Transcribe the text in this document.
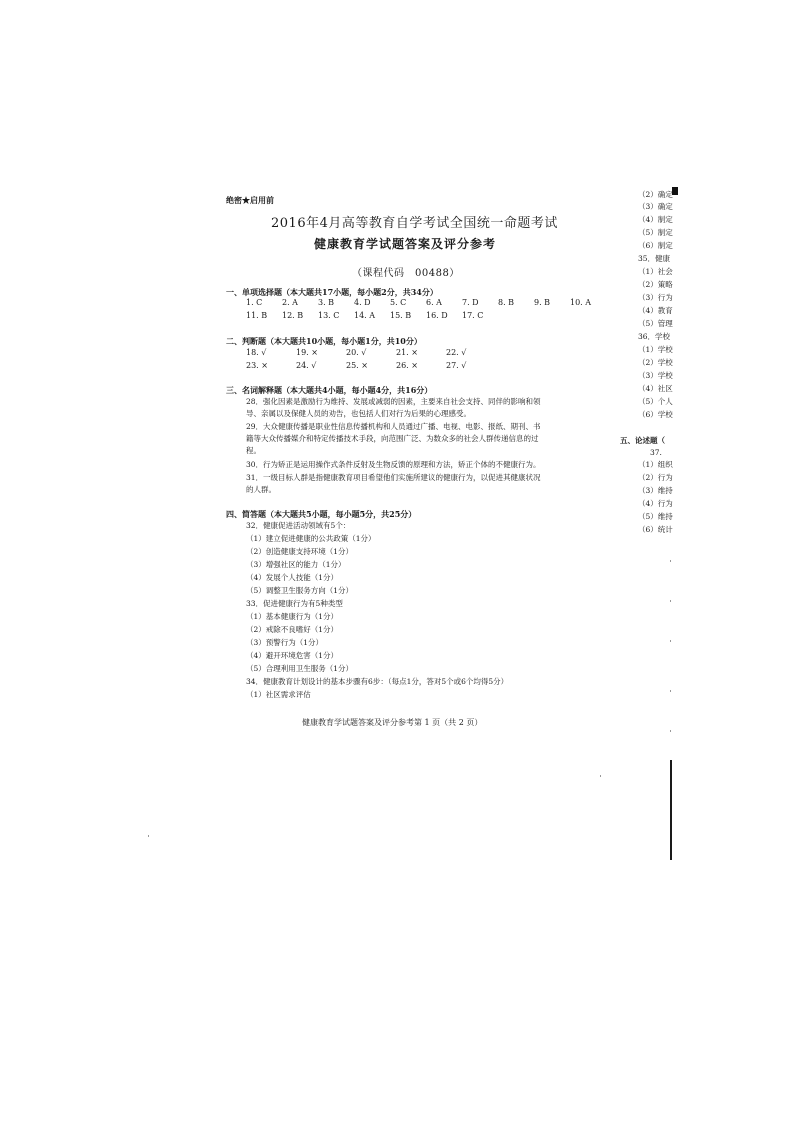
绝密★启用前
2016年4月高等教育自学考试全国统一命题考试
健康教育学试题答案及评分参考
（课程代码　00488）
一、单项选择题（本大题共17小题，每小题2分，共34分）
1. C 2. A	3. B 4. D 5. C 6. A	7. D 8. B 9. B 10. A
11. B 12. B 13. C 14. A 15. B 16. D 17. C
二、判断题（本大题共10小题，每小题1分，共10分）
18. √	19. ×	20. √	21. ×	22. √
23. ×	24. √	25. ×	26. ×	27. √
三、名词解释题（本大题共4小题，每小题4分，共16分）
28．强化因素是激励行为维持、发展或减弱的因素，主要来自社会支持、同伴的影响和领
导、亲属以及保健人员的劝告，也包括人们对行为后果的心理感受。
29．大众健康传播是职业性信息传播机构和人员通过广播、电视、电影、报纸、期刊、书
籍等大众传播媒介和特定传播技术手段，向范围广泛、为数众多的社会人群传递信息的过
程。
30．行为矫正是运用操作式条件反射及生物反馈的原理和方法，矫正个体的不健康行为。
31．一级目标人群是指健康教育项目希望他们实施所建议的健康行为，以促进其健康状况
的人群。
四、简答题（本大题共5小题，每小题5分，共25分）
32．健康促进活动领域有5个：
（1）建立促进健康的公共政策（1分）
（2）创造健康支持环境（1分）
（3）增强社区的能力（1分）
（4）发展个人技能（1分）
（5）调整卫生服务方向（1分）
33．促进健康行为有5种类型
（1）基本健康行为（1分）
（2）戒除不良嗜好（1分）
（3）预警行为（1分）
（4）避开环境危害（1分）
（5）合理利用卫生服务（1分）
34．健康教育计划设计的基本步骤有6步：（每点1分，答对5个或6个均得5分）
（1）社区需求评估
健康教育学试题答案及评分参考第 1 页（共 2 页）
（2）确定
（3）确定
（4）制定
（5）制定
（6）制定
35．健康
（1）社会
（2）策略
（3）行为
（4）教育
（5）管理
36．学校
（1）学校
（2）学校
（3）学校
（4）社区
（5）个人
（6）学校
五、论述题（
37.
（1）组织
（2）行为
（3）维持
（4）行为
（5）维持
（6）统计
